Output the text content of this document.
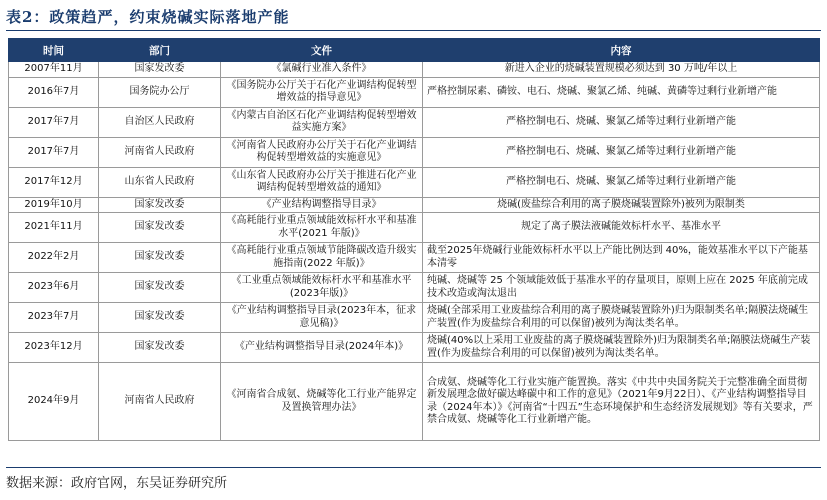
表2：政策趋严，约束烧碱实际落地产能
时间	部门	文件	内容
2007年11月	国家发改委	《氯碱行业准入条件》	新进入企业的烧碱装置规模必须达到 30 万吨/年以上
2016年7月	国务院办公厅	《国务院办公厅关于石化产业调结构促转型增效益的指导意见》	严格控制尿素、磷铵、电石、烧碱、聚氯乙烯、纯碱、黄磷等过剩行业新增产能
2017年7月	自治区人民政府	《内蒙古自治区石化产业调结构促转型增效益实施方案》	严格控制电石、烧碱、聚氯乙烯等过剩行业新增产能
2017年7月	河南省人民政府	《河南省人民政府办公厅关于石化产业调结构促转型增效益的实施意见》	严格控制电石、烧碱、聚氯乙烯等过剩行业新增产能
2017年12月	山东省人民政府	《山东省人民政府办公厅关于推进石化产业调结构促转型增效益的通知》	严格控制电石、烧碱、聚氯乙烯等过剩行业新增产能
2019年10月	国家发改委	《产业结构调整指导目录》	烧碱(废盐综合利用的离子膜烧碱装置除外)被列为限制类
2021年11月	国家发改委	《高耗能行业重点领域能效标杆水平和基准水平(2021 年版)》	规定了离子膜法液碱能效标杆水平、基准水平
2022年2月	国家发改委	《高耗能行业重点领域节能降碳改造升级实施指南(2022 年版)》	截至2025年烧碱行业能效标杆水平以上产能比例达到 40%，能效基准水平以下产能基本清零
2023年6月	国家发改委	《工业重点领域能效标杆水平和基准水平(2023年版)》	纯碱、烧碱等 25 个领域能效低于基准水平的存量项目，原则上应在 2025 年底前完成技术改造或淘汰退出
2023年7月	国家发改委	《产业结构调整指导目录(2023年本，征求意见稿)》	烧碱(全部采用工业废盐综合利用的离子膜烧碱装置除外)归为限制类名单;隔膜法烧碱生产装置(作为废盐综合利用的可以保留)被列为淘汰类名单。
2023年12月	国家发改委	《产业结构调整指导目录(2024年本)》	烧碱(40%以上采用工业废盐的离子膜烧碱装置除外)归为限制类名单;隔膜法烧碱生产装置(作为废盐综合利用的可以保留)被列为淘汰类名单。
2024年9月	河南省人民政府	《河南省合成氨、烧碱等化工行业产能界定及置换管理办法》	合成氨、烧碱等化工行业实施产能置换。落实《中共中央国务院关于完整准确全面贯彻新发展理念做好碳达峰碳中和工作的意见》（2021年9月22日）、《产业结构调整指导目录（2024年本）》《河南省“十四五”生态环境保护和生态经济发展规划》等有关要求，严禁合成氨、烧碱等化工行业新增产能。
数据来源：政府官网，东吴证券研究所
